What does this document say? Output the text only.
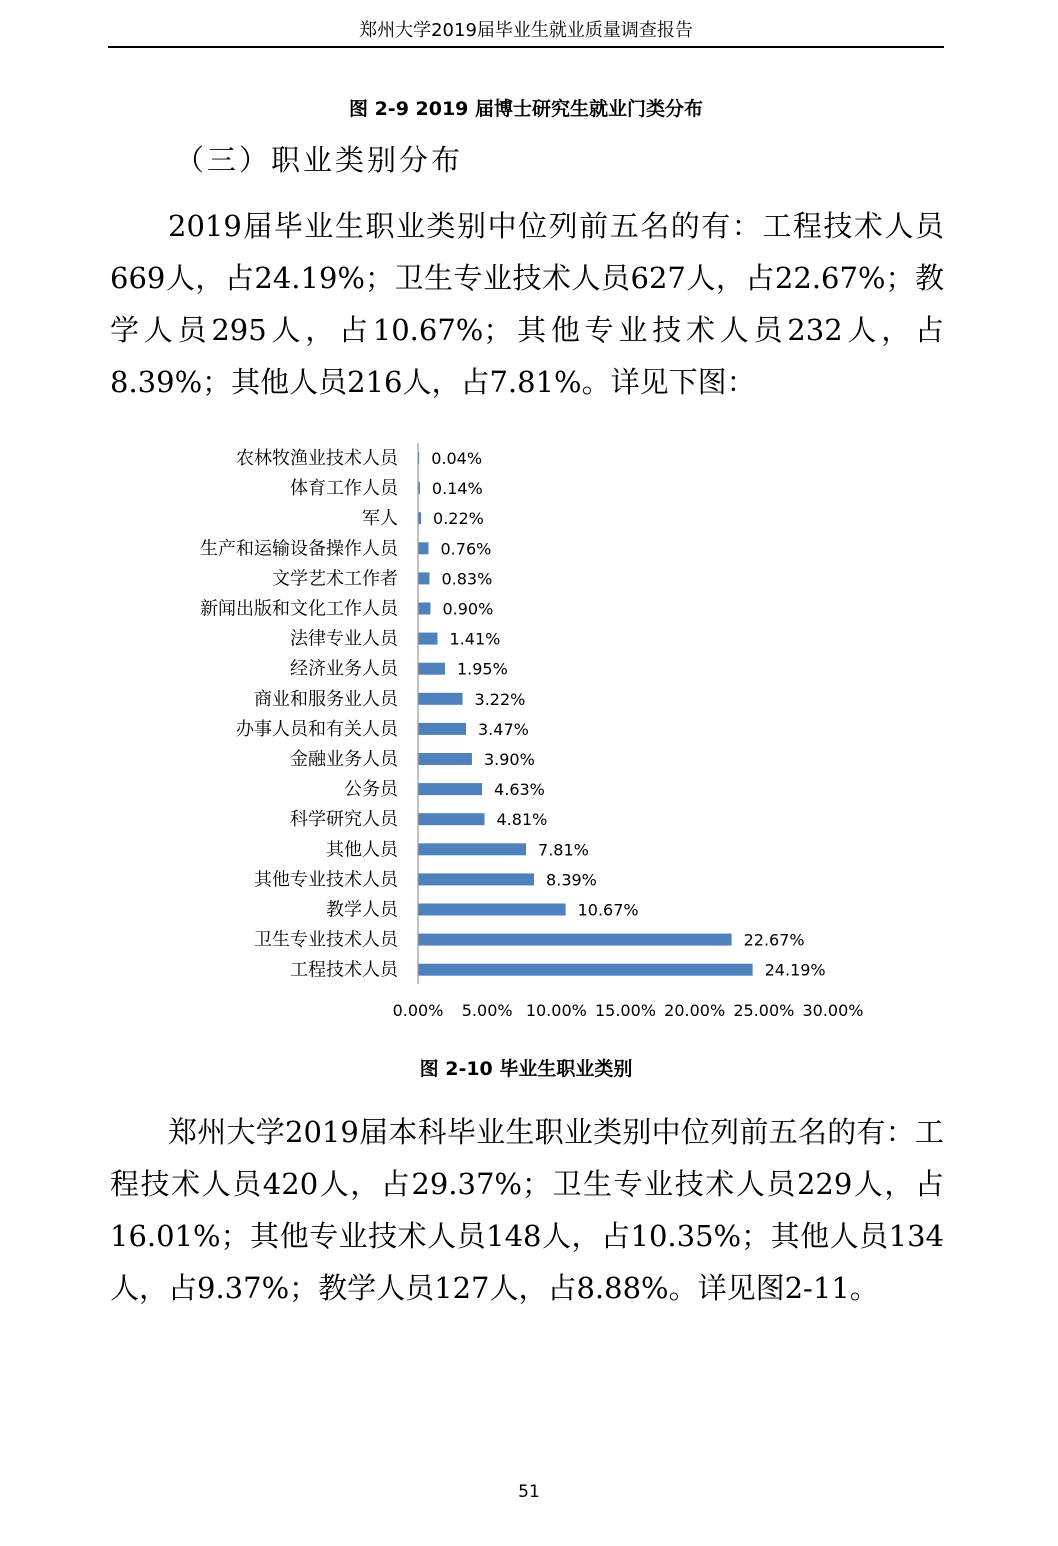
郑州大学2019届毕业生就业质量调查报告
图 2-9 2019 届博士研究生就业门类分布
（三）职业类别分布

2019届毕业生职业类别中位列前五名的有：工程技术人员669人，占24.19%；卫生专业技术人员627人，占22.67%；教学人员295人，占10.67%；其他专业技术人员232人，占8.39%；其他人员216人，占7.81%。详见下图：

农林牧渔业技术人员
体育工作人员
军人
生产和运输设备操作人员
文学艺术工作者
新闻出版和文化工作人员
法律专业人员
经济业务人员
商业和服务业人员
办事人员和有关人员
金融业务人员
公务员
科学研究人员
其他人员
其他专业技术人员
教学人员
卫生专业技术人员
工程技术人员
0.04%
0.14%
0.22%
0.76%
0.83%
0.90%
1.41%
1.95%
3.22%
3.47%
3.90%
4.63%
4.81%
7.81%
8.39%
10.67%
22.67%
24.19%
0.00% 5.00% 10.00% 15.00% 20.00% 25.00% 30.00%
图 2-10 毕业生职业类别

郑州大学2019届本科毕业生职业类别中位列前五名的有：工程技术人员420人，占29.37%；卫生专业技术人员229人，占16.01%；其他专业技术人员148人，占10.35%；其他人员134人，占9.37%；教学人员127人，占8.88%。详见图2-11。

51
